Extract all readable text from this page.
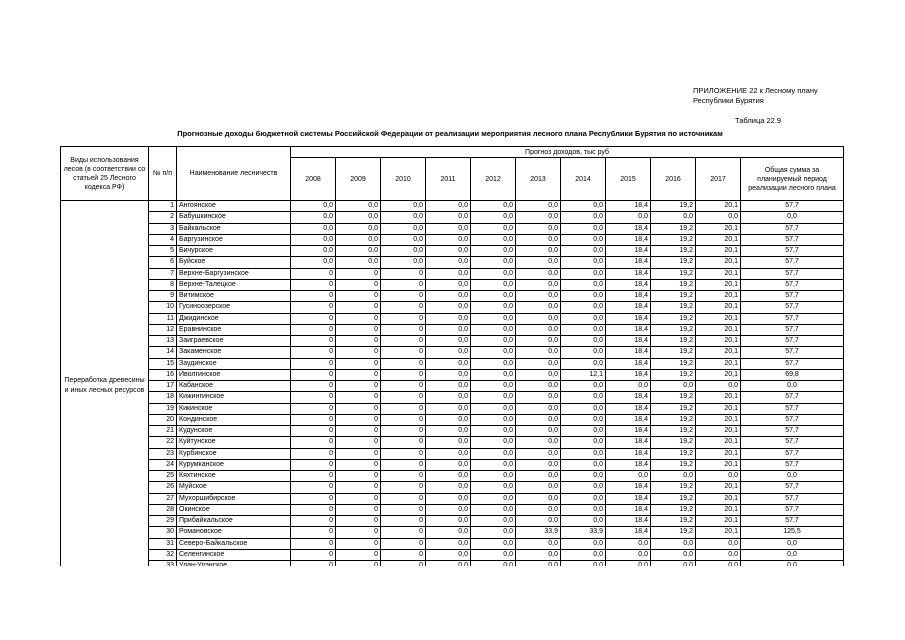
ПРИЛОЖЕНИЕ 22 к Лесному плану
Республики Бурятия
Таблица 22.9
Прогнозные доходы бюджетной системы Российской Федерации от реализации мероприятия лесного плана Республики Бурятия по источникам
Виды использования лесов (в соответствии со статьей 25 Лесного кодекса РФ)	№ п/п	Наименование лесничеств	Прогноз доходов, тыс руб										
			2008	2009	2010	2011	2012	2013	2014	2015	2016	2017	Общая сумма за планируемый период реализации лесного плана
Переработка древесины и иных лесных ресурсов	1	Ангоянское	0,0	0,0	0,0	0,0	0,0	0,0	0,0	18,4	19,2	20,1	57,7
	2	Бабушкинское	0,0	0,0	0,0	0,0	0,0	0,0	0,0	0,0	0,0	0,0	0,0
	3	Байкальское	0,0	0,0	0,0	0,0	0,0	0,0	0,0	18,4	19,2	20,1	57,7
	4	Баргузинское	0,0	0,0	0,0	0,0	0,0	0,0	0,0	18,4	19,2	20,1	57,7
	5	Бичурское	0,0	0,0	0,0	0,0	0,0	0,0	0,0	18,4	19,2	20,1	57,7
	6	Буйское	0,0	0,0	0,0	0,0	0,0	0,0	0,0	18,4	19,2	20,1	57,7
	7	Верхне-Баргузинское	0	0	0	0,0	0,0	0,0	0,0	18,4	19,2	20,1	57,7
	8	Верхне-Талецкое	0	0	0	0,0	0,0	0,0	0,0	18,4	19,2	20,1	57,7
	9	Витимское	0	0	0	0,0	0,0	0,0	0,0	18,4	19,2	20,1	57,7
	10	Гусиноозерское	0	0	0	0,0	0,0	0,0	0,0	18,4	19,2	20,1	57,7
	11	Джидинское	0	0	0	0,0	0,0	0,0	0,0	18,4	19,2	20,1	57,7
	12	Еравнинское	0	0	0	0,0	0,0	0,0	0,0	18,4	19,2	20,1	57,7
	13	Заиграевское	0	0	0	0,0	0,0	0,0	0,0	18,4	19,2	20,1	57,7
	14	Закаменское	0	0	0	0,0	0,0	0,0	0,0	18,4	19,2	20,1	57,7
	15	Заудинское	0	0	0	0,0	0,0	0,0	0,0	18,4	19,2	20,1	57,7
	16	Иволгинское	0	0	0	0,0	0,0	0,0	12,1	18,4	19,2	20,1	69,8
	17	Кабанское	0	0	0	0,0	0,0	0,0	0,0	0,0	0,0	0,0	0,0
	18	Кижингинское	0	0	0	0,0	0,0	0,0	0,0	18,4	19,2	20,1	57,7
	19	Кикинское	0	0	0	0,0	0,0	0,0	0,0	18,4	19,2	20,1	57,7
	20	Кондинское	0	0	0	0,0	0,0	0,0	0,0	18,4	19,2	20,1	57,7
	21	Кудунское	0	0	0	0,0	0,0	0,0	0,0	18,4	19,2	20,1	57,7
	22	Куйтунское	0	0	0	0,0	0,0	0,0	0,0	18,4	19,2	20,1	57,7
	23	Курбинское	0	0	0	0,0	0,0	0,0	0,0	18,4	19,2	20,1	57,7
	24	Курумканское	0	0	0	0,0	0,0	0,0	0,0	18,4	19,2	20,1	57,7
	25	Кяхтинское	0	0	0	0,0	0,0	0,0	0,0	0,0	0,0	0,0	0,0
	26	Муйское	0	0	0	0,0	0,0	0,0	0,0	18,4	19,2	20,1	57,7
	27	Мухоршибирское	0	0	0	0,0	0,0	0,0	0,0	18,4	19,2	20,1	57,7
	28	Окинское	0	0	0	0,0	0,0	0,0	0,0	18,4	19,2	20,1	57,7
	29	Прибайкальское	0	0	0	0,0	0,0	0,0	0,0	18,4	19,2	20,1	57,7
	30	Романовское	0	0	0	0,0	0,0	33,9	33,9	18,4	19,2	20,1	125,5
	31	Северо-Байкальское	0	0	0	0,0	0,0	0,0	0,0	0,0	0,0	0,0	0,0
	32	Селенгинское	0	0	0	0,0	0,0	0,0	0,0	0,0	0,0	0,0	0,0
